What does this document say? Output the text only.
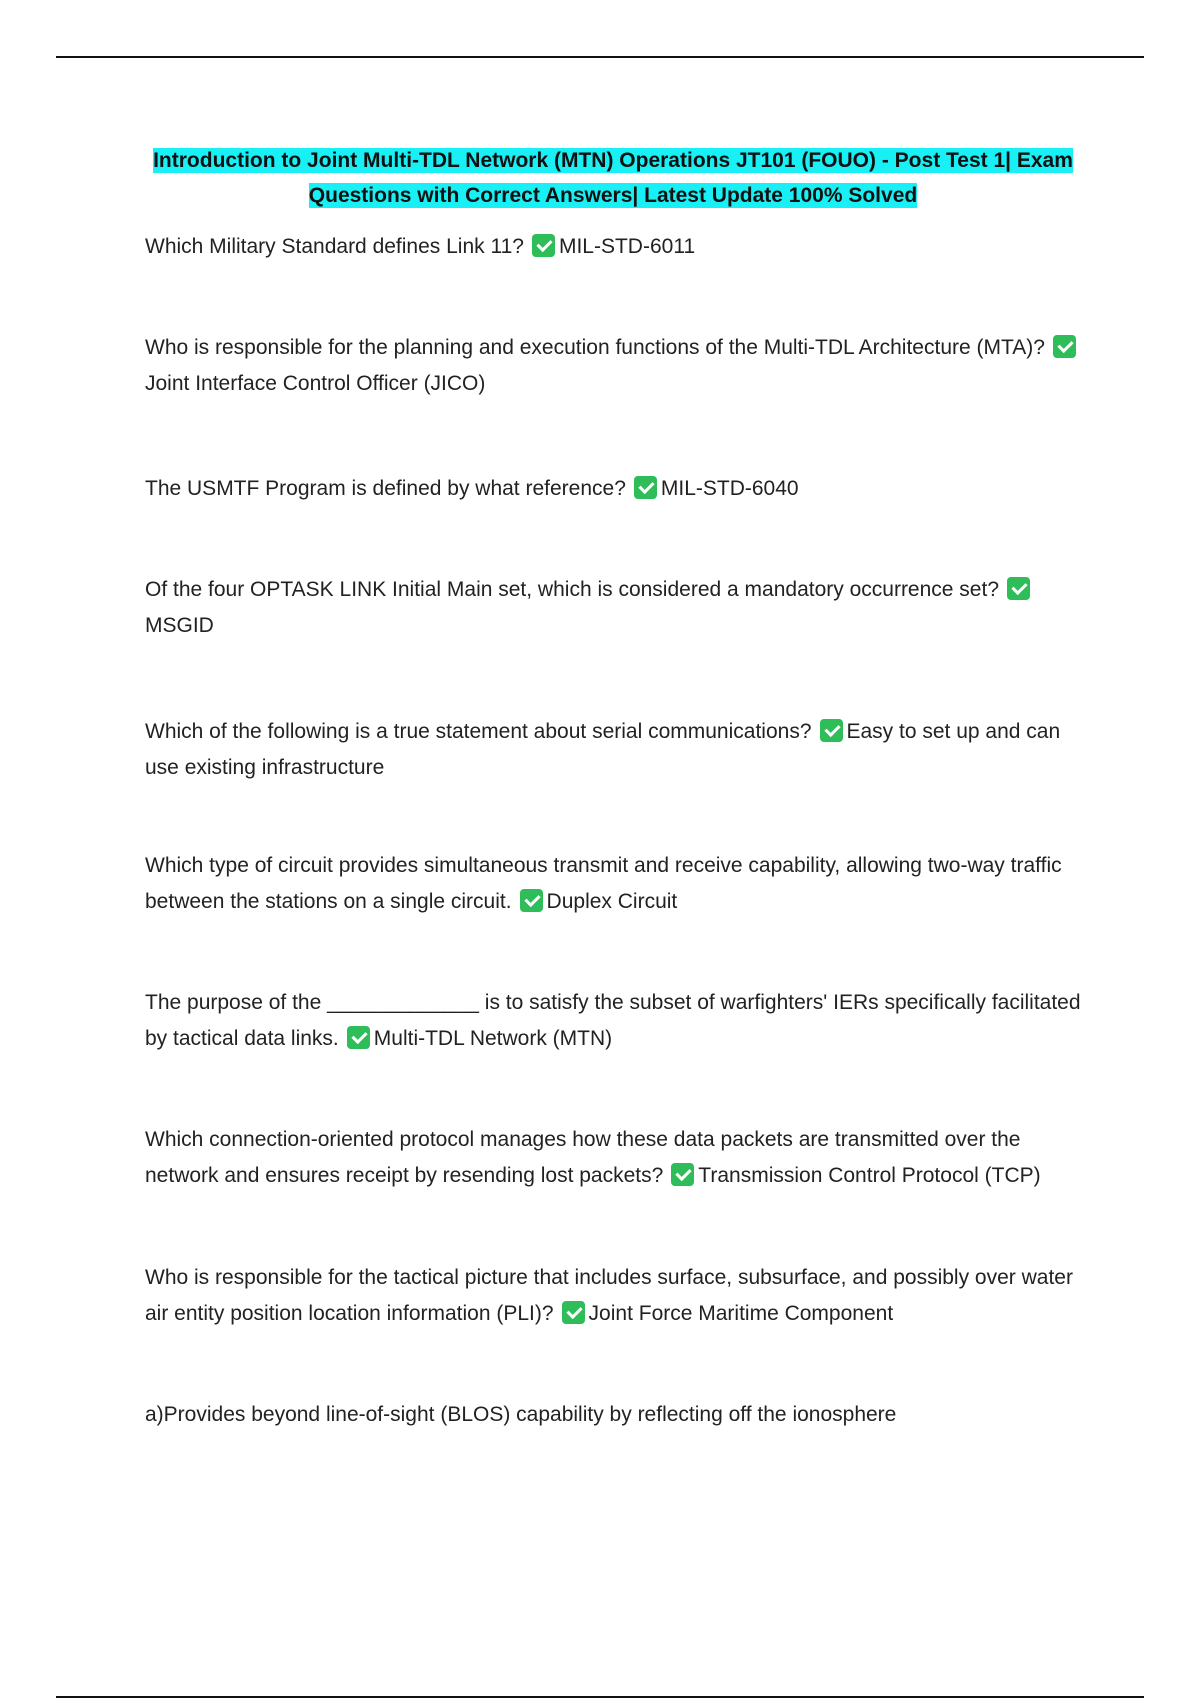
Introduction to Joint Multi-TDL Network (MTN) Operations JT101 (FOUO) - Post Test 1| Exam
Questions with Correct Answers| Latest Update 100% Solved
Which Military Standard defines Link 11? MIL-STD-6011
Who is responsible for the planning and execution functions of the Multi-TDL Architecture (MTA)?Joint Interface Control Officer (JICO)
The USMTF Program is defined by what reference? MIL-STD-6040
Of the four OPTASK LINK Initial Main set, which is considered a mandatory occurrence set?MSGID
Which of the following is a true statement about serial communications? Easy to set up and can use existing infrastructure
Which type of circuit provides simultaneous transmit and receive capability, allowing two-way traffic between the stations on a single circuit. Duplex Circuit
The purpose of the _____________ is to satisfy the subset of warfighters' IERs specifically facilitated by tactical data links. Multi-TDL Network (MTN)
Which connection-oriented protocol manages how these data packets are transmitted over the network and ensures receipt by resending lost packets? Transmission Control Protocol (TCP)
Who is responsible for the tactical picture that includes surface, subsurface, and possibly over water air entity position location information (PLI)? Joint Force Maritime Component
a)Provides beyond line-of-sight (BLOS) capability by reflecting off the ionosphere
